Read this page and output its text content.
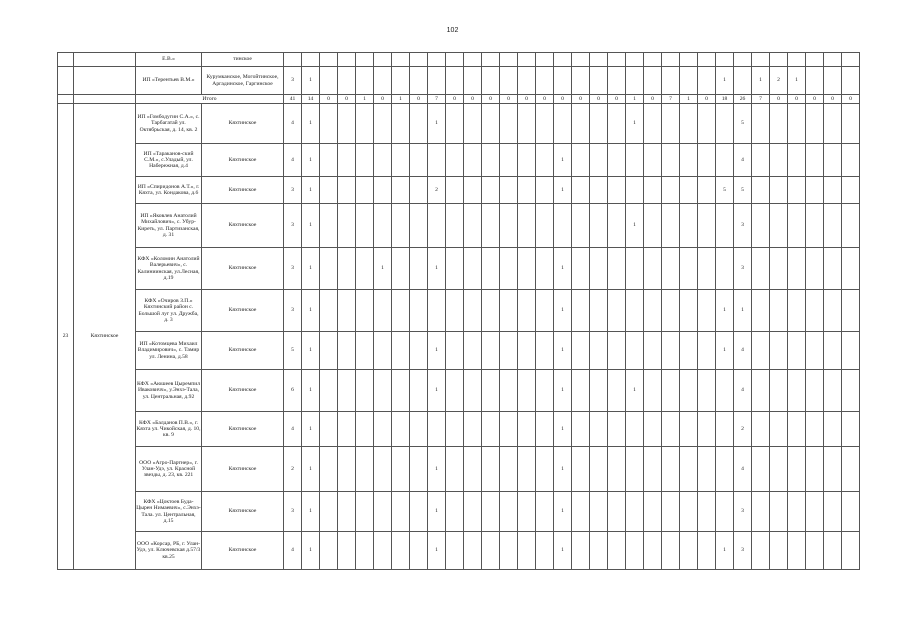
102
		Е.В.»	тинское																																
		ИП «Терентьев В.М.»	Курумканское, Могойтинское, Аргадинское, Гаргинское	3	1																							1		1	2	1			
		Итого		41	14	0	0	1	0	1	0	7	0	0	0	0	0	0	0	0	0	0	1	0	7	1	0	18	26	7	0	0	0	0	0
23	Кяхтинское	ИП «Гомбодугин С.А.», с. Тарбагатай ул. Октябрьская, д. 14, кв. 2	Кяхтинское	4	1							1											1						5						
		ИП «Тараканов-ский С.М.», с.Уладый, ул. Набережная, д.4	Кяхтинское	4	1														1										4						
		ИП «Спиридонов А.Т.», г. Кяхта, ул. Кондакова, д.6	Кяхтинское	3	1							2							1									5	5						
		ИП «Яковлев Анатолий Михайлович», с. Убур-Киреть, ул. Партизанская, д. 31	Кяхтинское	3	1																		1						3						
		КФХ «Коломин Анатолий Валерьевич», с. Калиниинская, ул.Лесная, д.19	Кяхтинское	3	1				1			1							1										3						
		КФХ «Очиров З.П.» Кяхтинский район с. Большой луг ул. Дружба, д. 3	Кяхтинское	3	1														1									1	1						
		ИП «Котомцева Михаил Владимирович», с. Тамир ул. Ленина, д.58	Кяхтинское	5	1							1							1									1	4						
		КФХ «Аюшеев Цыремпил Иваковичч», у.Энхэ-Тала, ул. Центральная, д.92	Кяхтинское	6	1							1							1				1						4						
		КФХ «Балданов П.В.», г. Кяхта ул. Чикойская, д. 10, кв. 9	Кяхтинское	4	1														1										2						
		ООО «Агро-Партнер», г. Улан-Удэ, ул. Красной звезды, д. 23, кв. 221	Кяхтинское	2	1							1							1										4						
		КФХ «Цоктоев Буда-Цырен Нимаевич», с.Энхэ-Тала. ул. Центральная, д.15	Кяхтинское	3	1							1							1										3						
		ООО «Корсар, РБ, г. Улан-Удэ, ул. Ключевская д.57/3 кв.25	Кяхтинское	4	1							1							1									1	3						
